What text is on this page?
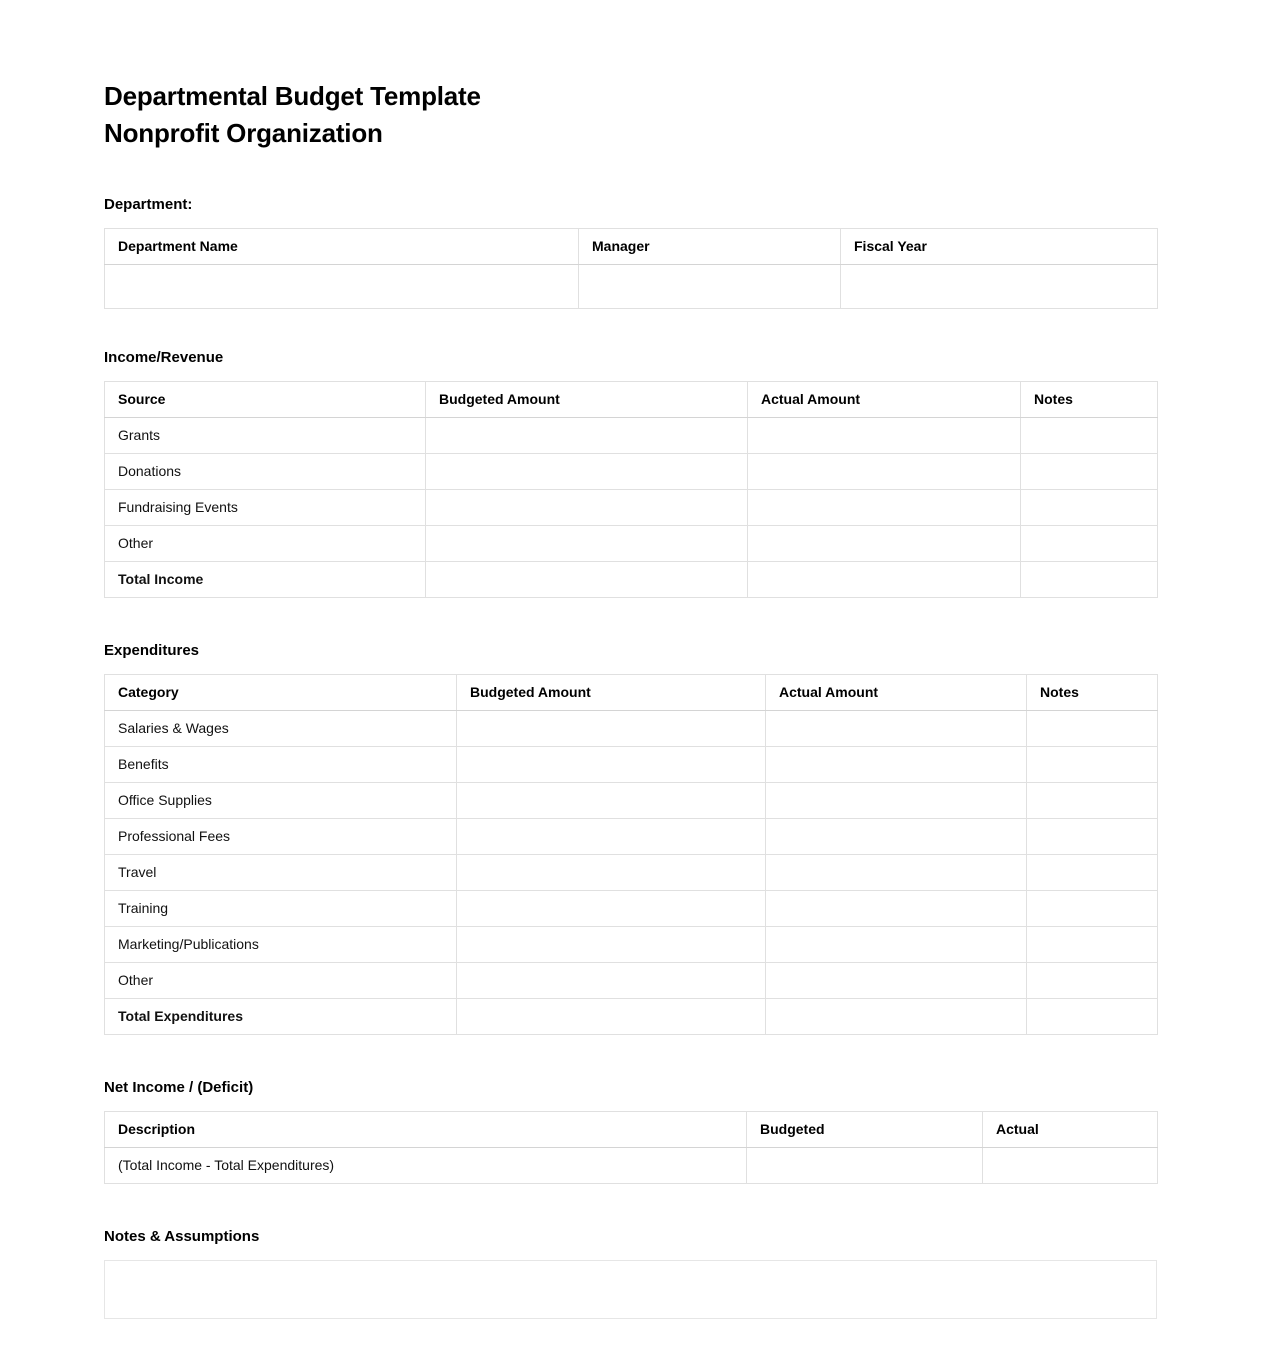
Departmental Budget Template
Nonprofit Organization
Department:
Department Name	Manager	Fiscal Year

Income/Revenue
Source	Budgeted Amount	Actual Amount	Notes
Grants			
Donations			
Fundraising Events			
Other			
Total Income			
Expenditures
Category	Budgeted Amount	Actual Amount	Notes
Salaries & Wages			
Benefits			
Office Supplies			
Professional Fees			
Travel			
Training			
Marketing/Publications			
Other			
Total Expenditures			
Net Income / (Deficit)
Description	Budgeted	Actual
(Total Income - Total Expenditures)		
Notes & Assumptions
